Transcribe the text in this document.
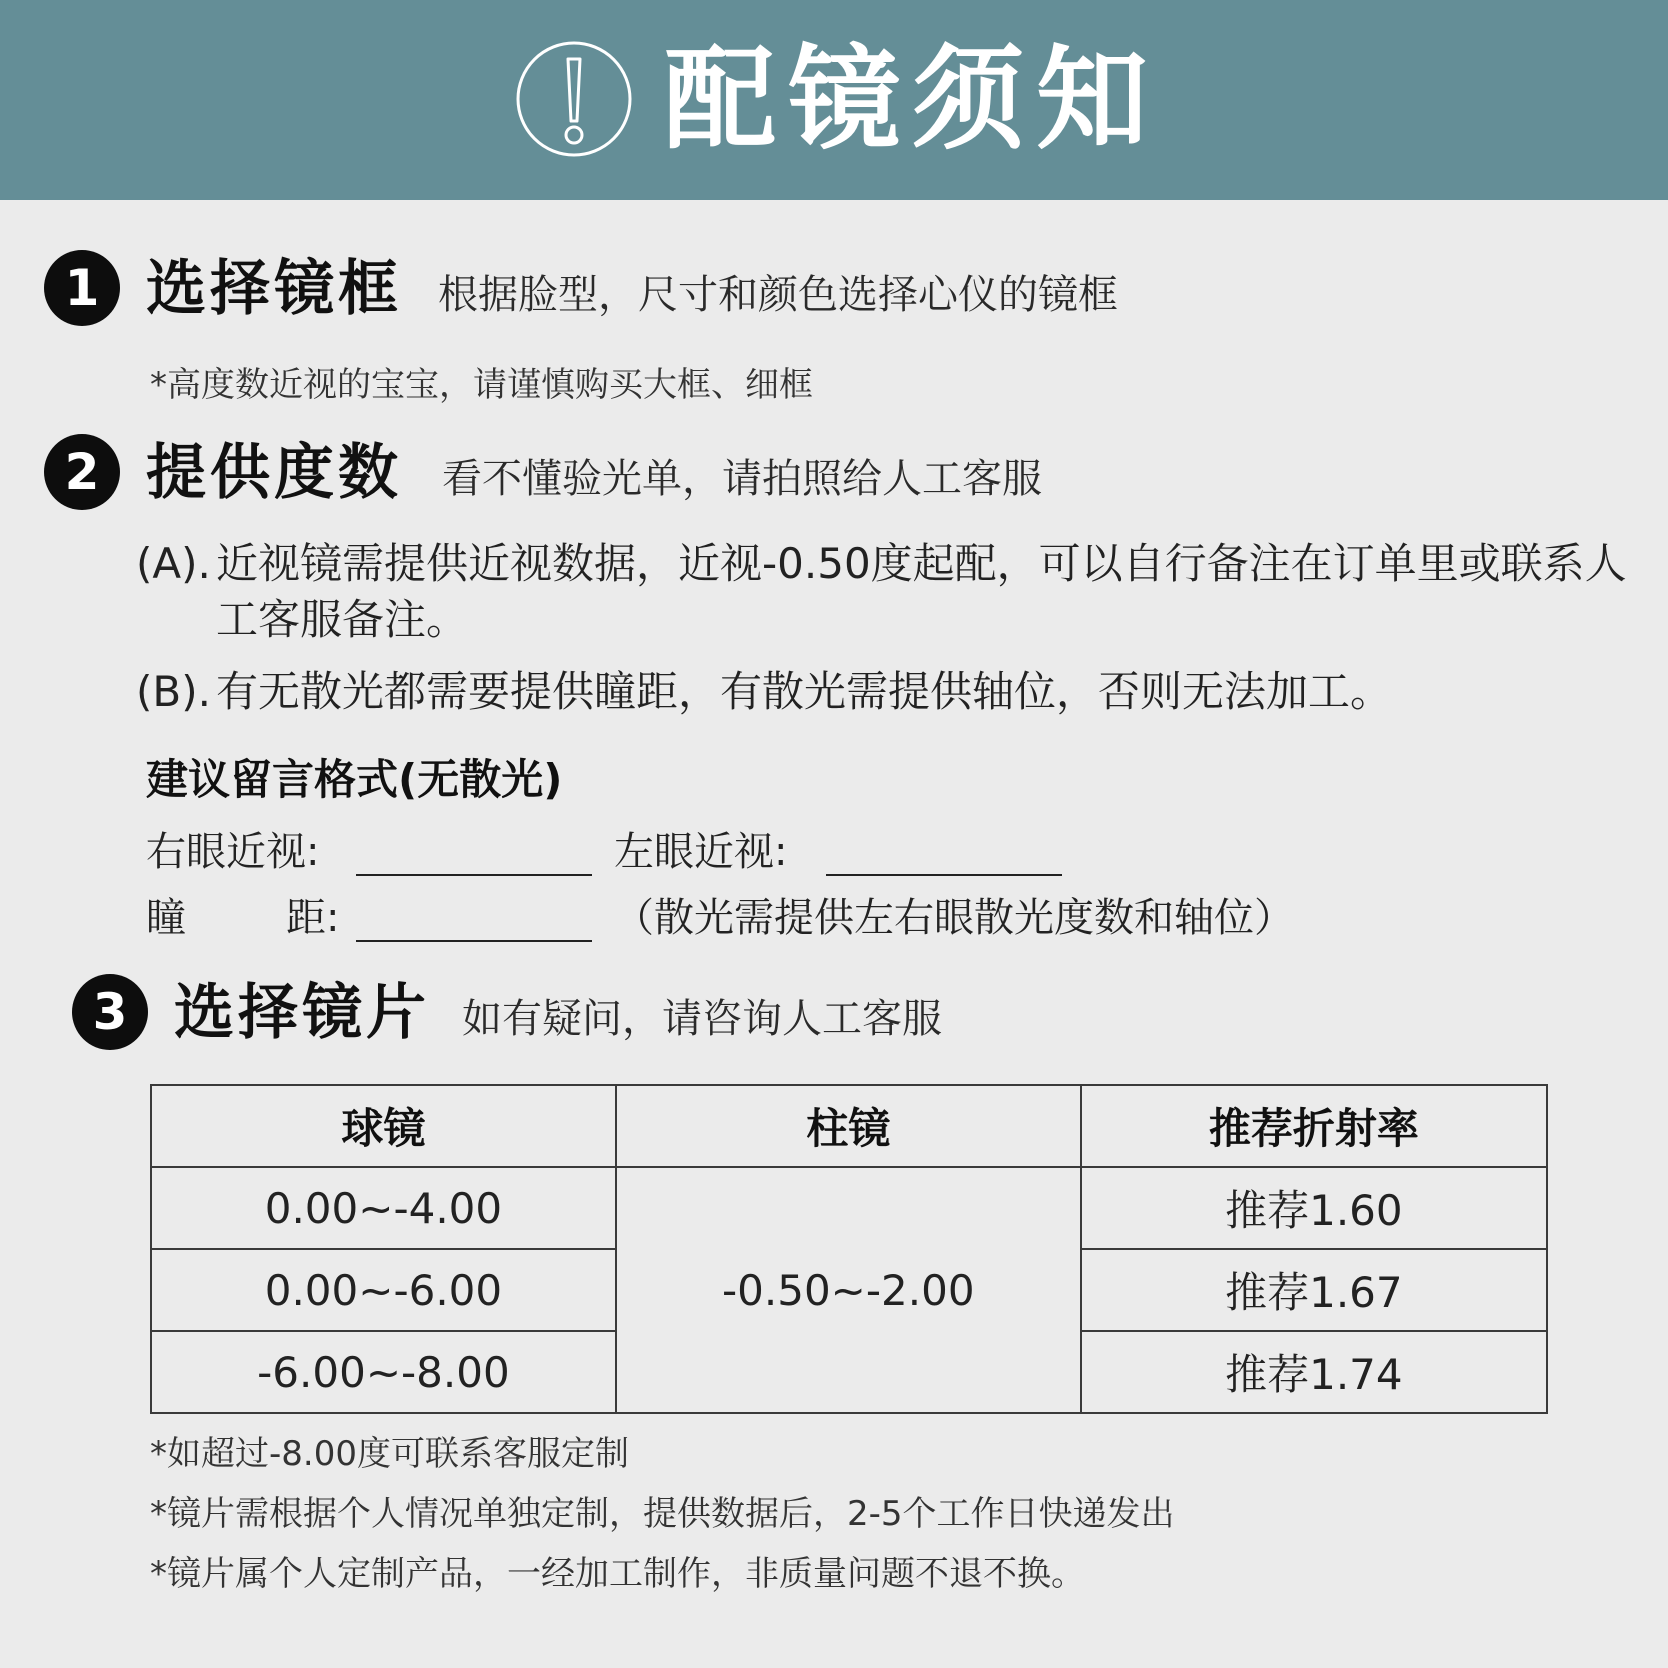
配镜须知
1 选择镜框 根据脸型，尺寸和颜色选择心仪的镜框
*高度数近视的宝宝，请谨慎购买大框、细框
2 提供度数 看不懂验光单，请拍照给人工客服
(A). 近视镜需提供近视数据，近视-0.50度起配，可以自行备注在订单里或联系人工客服备注。
(B). 有无散光都需要提供瞳距，有散光需提供轴位，否则无法加工。
建议留言格式(无散光)
右眼近视:	左眼近视:
瞳	距:	（散光需提供左右眼散光度数和轴位）
3 选择镜片 如有疑问，请咨询人工客服
球镜	柱镜	推荐折射率
0.00~-4.00	-0.50~-2.00	推荐1.60
0.00~-6.00		推荐1.67
-6.00~-8.00		推荐1.74
*如超过-8.00度可联系客服定制
*镜片需根据个人情况单独定制，提供数据后，2-5个工作日快递发出
*镜片属个人定制产品，一经加工制作，非质量问题不退不换。
